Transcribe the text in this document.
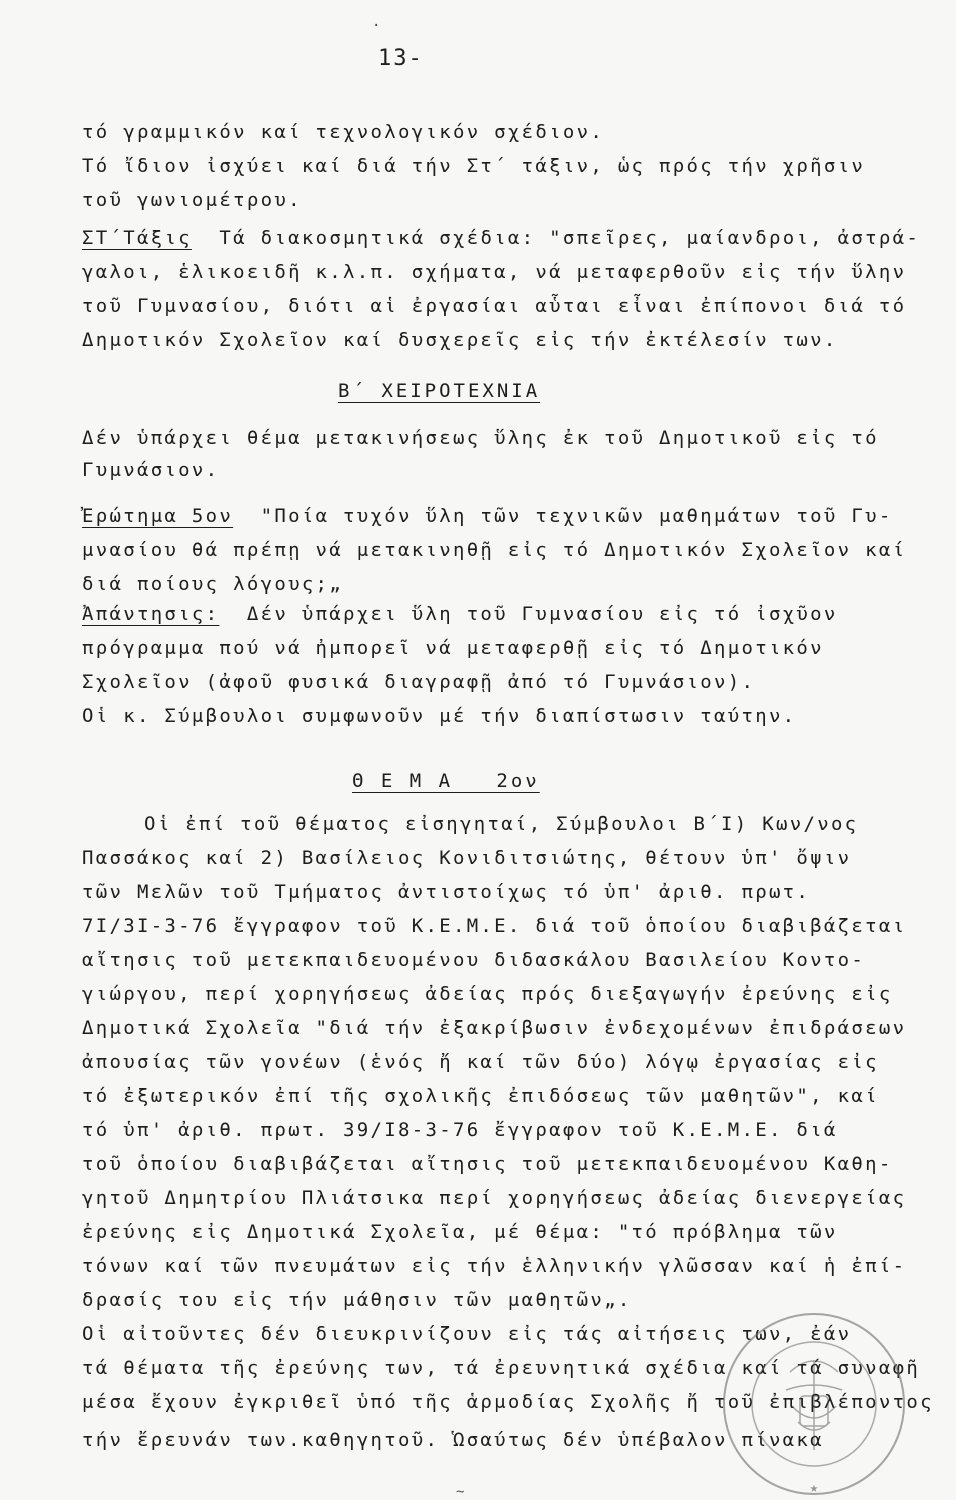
·
13-
τό γραμμικόν καί τεχνολογικόν σχέδιον.
Τό ἴδιον ἰσχύει καί διά τήν Στ΄ τάξιν, ὡς πρός τήν χρῆσιν
τοῦ γωνιομέτρου.
ΣΤ΄Τάξις Τά διακοσμητικά σχέδια: "σπεῖρες, μαίανδροι, ἀστρά-
γαλοι, ἑλικοειδῆ κ.λ.π. σχήματα, νά μεταφερθοῦν εἰς τήν ὕλην
τοῦ Γυμνασίου, διότι αἱ ἐργασίαι αὗται εἶναι ἐπίπονοι διά τό
Δημοτικόν Σχολεῖον καί δυσχερεῖς εἰς τήν ἐκτέλεσίν των.
Β΄ ΧΕΙΡΟΤΕΧΝΙΑ
Δέν ὑπάρχει θέμα μετακινήσεως ὕλης ἐκ τοῦ Δημοτικοῦ εἰς τό
Γυμνάσιον.
Ἐρώτημα 5ον "Ποία τυχόν ὕλη τῶν τεχνικῶν μαθημάτων τοῦ Γυ-
μνασίου θά πρέπῃ νά μετακινηθῇ εἰς τό Δημοτικόν Σχολεῖον καί
διά ποίους λόγους;„
Ἀπάντησις: Δέν ὑπάρχει ὕλη τοῦ Γυμνασίου εἰς τό ἰσχῦον
πρόγραμμα πού νά ἠμπορεῖ νά μεταφερθῇ εἰς τό Δημοτικόν
Σχολεῖον (ἀφοῦ φυσικά διαγραφῇ ἀπό τό Γυμνάσιον).
Οἱ κ. Σύμβουλοι συμφωνοῦν μέ τήν διαπίστωσιν ταύτην.
Θ Ε Μ Α   2ον
Οἱ ἐπί τοῦ θέματος εἰσηγηταί, Σύμβουλοι Β΄Ι) Κων/νος
Πασσάκος καί 2) Βασίλειος Κονιδιτσιώτης, θέτουν ὑπ' ὄψιν
τῶν Μελῶν τοῦ Τμήματος ἀντιστοίχως τό ὑπ' ἀριθ. πρωτ.
7Ι/3Ι-3-76 ἔγγραφον τοῦ Κ.Ε.Μ.Ε. διά τοῦ ὁποίου διαβιβάζεται
αἴτησις τοῦ μετεκπαιδευομένου διδασκάλου Βασιλείου Κοντο-
γιώργου, περί χορηγήσεως ἀδείας πρός διεξαγωγήν ἐρεύνης εἰς
Δημοτικά Σχολεῖα "διά τήν ἐξακρίβωσιν ἐνδεχομένων ἐπιδράσεων
ἀπουσίας τῶν γονέων (ἑνός ἤ καί τῶν δύο) λόγῳ ἐργασίας εἰς
τό ἐξωτερικόν ἐπί τῆς σχολικῆς ἐπιδόσεως τῶν μαθητῶν", καί
τό ὑπ' ἀριθ. πρωτ. 39/Ι8-3-76 ἔγγραφον τοῦ Κ.Ε.Μ.Ε. διά
τοῦ ὁποίου διαβιβάζεται αἴτησις τοῦ μετεκπαιδευομένου Καθη-
γητοῦ Δημητρίου Πλιάτσικα περί χορηγήσεως ἀδείας διενεργείας
ἐρεύνης εἰς Δημοτικά Σχολεῖα, μέ θέμα: "τό πρόβλημα τῶν
τόνων καί τῶν πνευμάτων εἰς τήν ἑλληνικήν γλῶσσαν καί ἡ ἐπί-
δρασίς του εἰς τήν μάθησιν τῶν μαθητῶν„.
Οἱ αἰτοῦντες δέν διευκρινίζουν εἰς τάς αἰτήσεις των, ἐάν
τά θέματα τῆς ἐρεύνης των, τά ἐρευνητικά σχέδια καί τά συναφῆ
μέσα ἔχουν ἐγκριθεῖ ὑπό τῆς ἁρμοδίας Σχολῆς ἤ τοῦ ἐπιβλέποντος
τήν ἔρευνάν των.καθηγητοῦ. Ὡσαύτως δέν ὑπέβαλον πίνακα
★
~
